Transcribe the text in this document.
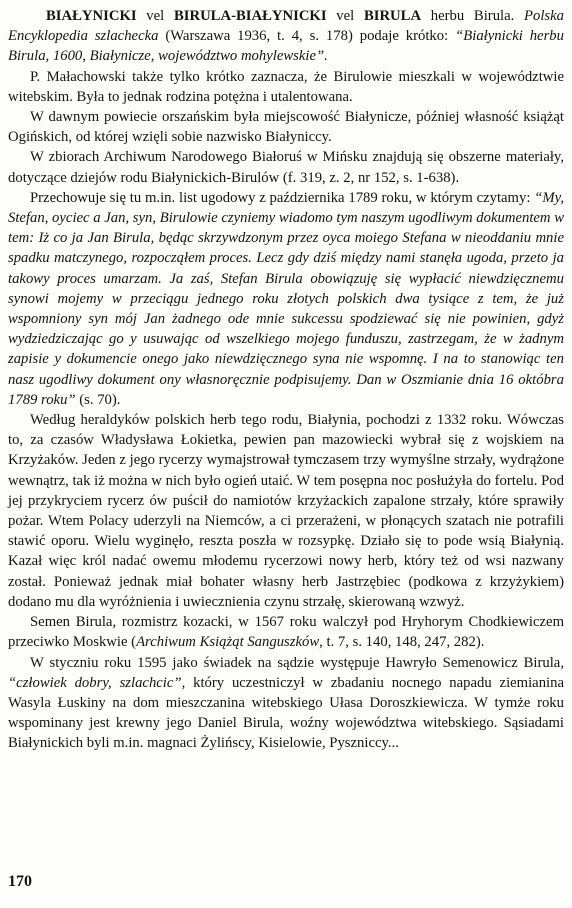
BIAŁYNICKI vel BIRULA-BIAŁYNICKI vel BIRULA herbu Birula. Polska Encyklopedia szlachecka (Warszawa 1936, t. 4, s. 178) podaje krótko: “Białynicki herbu Birula, 1600, Białynicze, województwo mohylewskie”.

P. Małachowski także tylko krótko zaznacza, że Birulowie mieszkali w województwie witebskim. Była to jednak rodzina potężna i utalentowana.

W dawnym powiecie orszańskim była miejscowość Białynicze, później własność książąt Ogińskich, od której wzięli sobie nazwisko Białyniccy.

W zbiorach Archiwum Narodowego Białoruś w Mińsku znajdują się obszerne materiały, dotyczące dziejów rodu Białynickich-Birulów (f. 319, z. 2, nr 152, s. 1-638).

Przechowuje się tu m.in. list ugodowy z października 1789 roku, w którym czytamy: “My, Stefan, oyciec a Jan, syn, Birulowie czyniemy wiadomo tym naszym ugodliwym dokumentem w tem: Iż co ja Jan Birula, będąc skrzywdzonym przez oyca moiego Stefana w nieoddaniu mnie spadku matczynego, rozpocząłem proces. Lecz gdy dziś między nami stanęła ugoda, przeto ja takowy proces umarzam. Ja zaś, Stefan Birula obowiązuję się wypłacić niewdzięcznemu synowi mojemy w przeciągu jednego roku złotych polskich dwa tysiące z tem, że już wspomniony syn mój Jan żadnego ode mnie sukcessu spodziewać się nie powinien, gdyż wydziedziczając go y usuwając od wszelkiego mojego funduszu, zastrzegam, że w żadnym zapisie y dokumencie onego jako niewdzięcznego syna nie wspomnę. I na to stanowiąc ten nasz ugodliwy dokument ony własnoręcznie podpisujemy. Dan w Oszmianie dnia 16 októbra 1789 roku” (s. 70).

Według heraldyków polskich herb tego rodu, Białynia, pochodzi z 1332 roku. Wówczas to, za czasów Władysława Łokietka, pewien pan mazowiecki wybrał się z wojskiem na Krzyżaków. Jeden z jego rycerzy wymajstrował tymczasem trzy wymyślne strzały, wydrążone wewnątrz, tak iż można w nich było ogień utaić. W tem posępna noc posłużyła do fortelu. Pod jej przykryciem rycerz ów puścił do namiotów krzyżackich zapalone strzały, które sprawiły pożar. Wtem Polacy uderzyli na Niemców, a ci przerażeni, w płonących szatach nie potrafili stawić oporu. Wielu wyginęło, reszta poszła w rozsypkę. Działo się to pode wsią Białynią. Kazał więc król nadać owemu młodemu rycerzowi nowy herb, który też od wsi nazwany został. Ponieważ jednak miał bohater własny herb Jastrzębiec (podkowa z krzyżykiem) dodano mu dla wyróżnienia i uwiecznienia czynu strzałę, skierowaną wzwyż.

Semen Birula, rozmistrz kozacki, w 1567 roku walczył pod Hryhorym Chodkiewiczem przeciwko Moskwie (Archiwum Książąt Sanguszków, t. 7, s. 140, 148, 247, 282).

W styczniu roku 1595 jako świadek na sądzie występuje Hawryło Semenowicz Birula, “człowiek dobry, szlachcic”, który uczestniczył w zbadaniu nocnego napadu ziemianina Wasyla Łuskiny na dom mieszczanina witebskiego Ułasa Doroszkiewicza. W tymże roku wspominany jest krewny jego Daniel Birula, woźny województwa witebskiego. Sąsiadami Białynickich byli m.in. magnaci Żylińscy, Kisielowie, Pyszniccy...

170
